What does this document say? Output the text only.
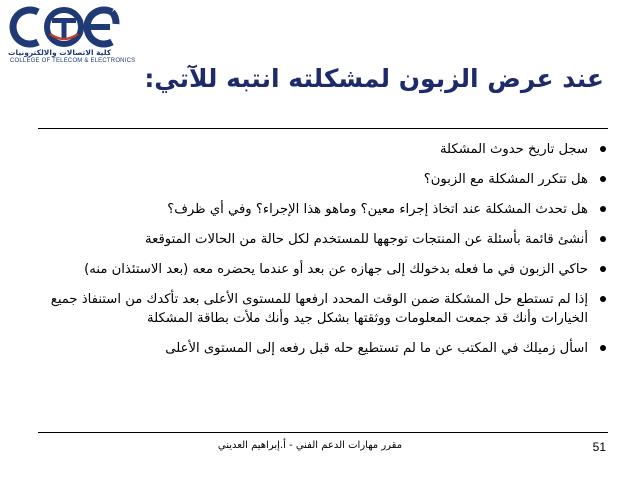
كلية الاتصالات والالكترونيات
COLLEGE OF TELECOM & ELECTRONICS
عند عرض الزبون لمشكلته انتبه للآتي:
سجل تاريخ حدوث المشكلة
هل تتكرر المشكلة مع الزبون؟
هل تحدث المشكلة عند اتخاذ إجراء معين؟ وماهو هذا الإجراء؟ وفي أي ظرف؟
أنشئ قائمة بأسئلة عن المنتجات توجهها للمستخدم لكل حالة من الحالات المتوقعة
حاكي الزبون في ما فعله بدخولك إلى جهازه عن بعد أو عندما يحضره معه (بعد الاستئذان منه)
إذا لم تستطع حل المشكلة ضمن الوقت المحدد ارفعها للمستوى الأعلى بعد تأكدك من استنفاذ جميع الخيارات وأنك قد جمعت المعلومات ووثقتها بشكل جيد وأنك ملأت بطاقة المشكلة
اسأل زميلك في المكتب عن ما لم تستطيع حله قبل رفعه إلى المستوى الأعلى
مقرر مهارات الدعم الفني - أ.إبراهيم العديني	51
